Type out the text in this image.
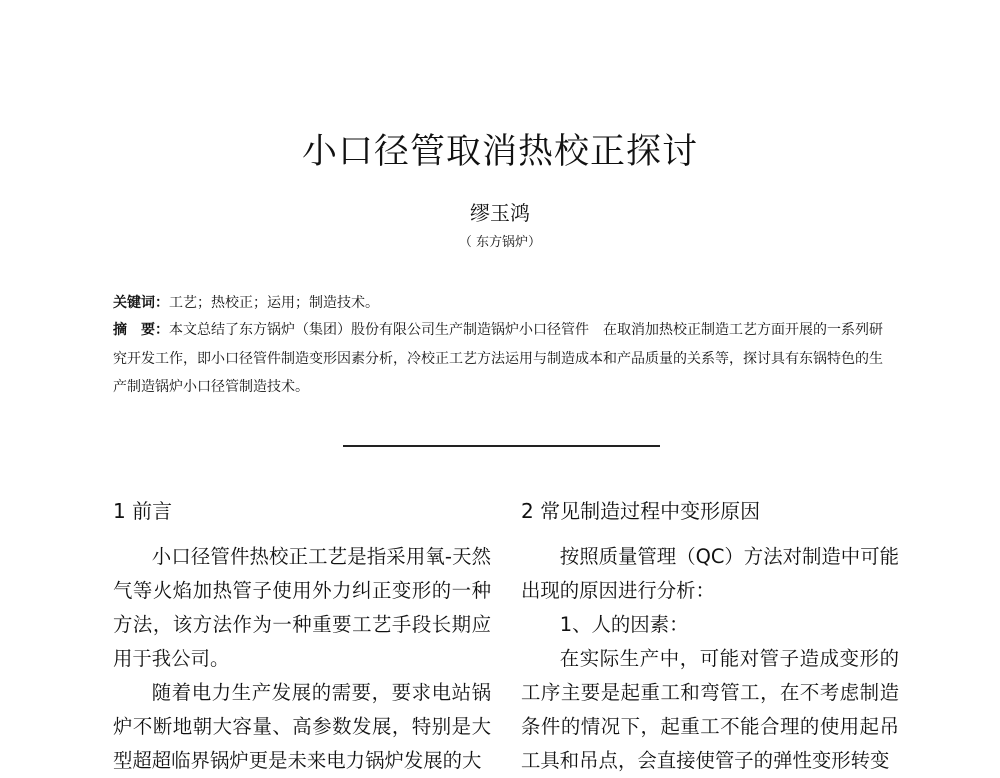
小口径管取消热校正探讨
缪玉鸿
（ 东方锅炉）
关键词：工艺；热校正；运用；制造技术。
摘　要：本文总结了东方锅炉（集团）股份有限公司生产制造锅炉小口径管件　在取消加热校正制造工艺方面开展的一系列研究开发工作，即小口径管件制造变形因素分析，冷校正工艺方法运用与制造成本和产品质量的关系等，探讨具有东锅特色的生产制造锅炉小口径管制造技术。
1 前言

小口径管件热校正工艺是指采用氧-天然气等火焰加热管子使用外力纠正变形的一种方法，该方法作为一种重要工艺手段长期应用于我公司。

随着电力生产发展的需要，要求电站锅炉不断地朝大容量、高参数发展，特别是大型超超临界锅炉更是未来电力锅炉发展的大

2 常见制造过程中变形原因

按照质量管理（QC）方法对制造中可能出现的原因进行分析：

1、人的因素：

在实际生产中，可能对管子造成变形的工序主要是起重工和弯管工，在不考虑制造条件的情况下，起重工不能合理的使用起吊工具和吊点，会直接使管子的弹性变形转变
